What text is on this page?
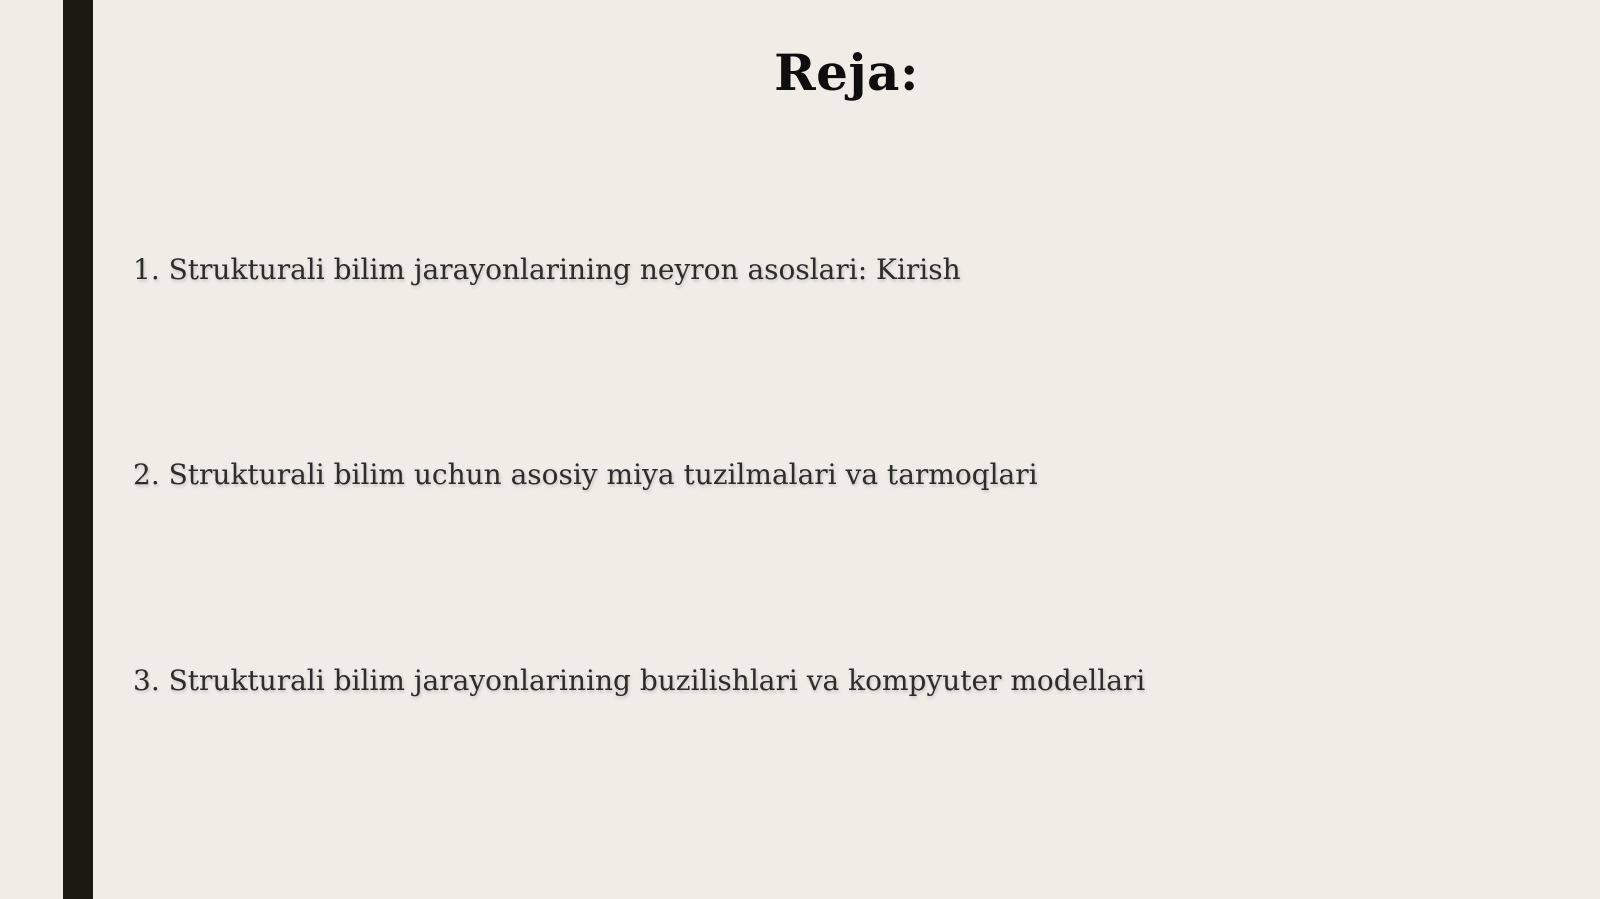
Reja:
1. Strukturali bilim jarayonlarining neyron asoslari: Kirish
2. Strukturali bilim uchun asosiy miya tuzilmalari va tarmoqlari
3. Strukturali bilim jarayonlarining buzilishlari va kompyuter modellari
